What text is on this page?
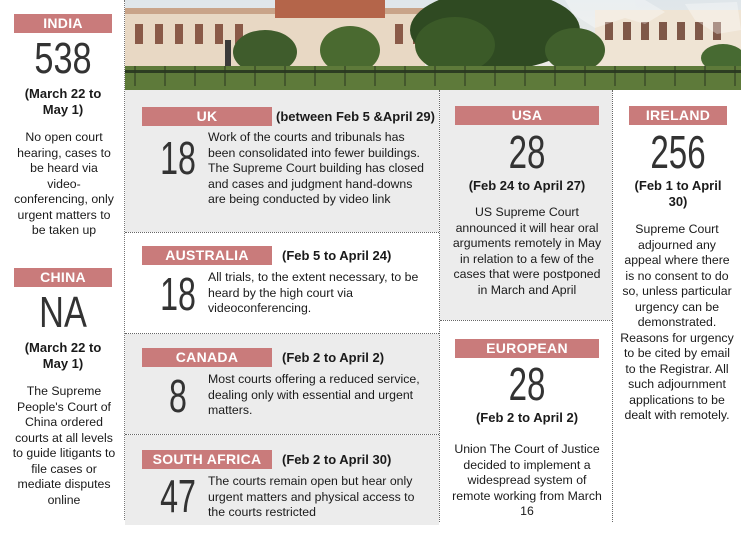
INDIA
538
(March 22 to May 1)
No open court hearing, cases to be heard via video-conferencing, only urgent matters to be taken up
CHINA
NA
(March 22 to May 1)
The Supreme People's Court of China ordered courts at all levels to guide litigants to file cases or mediate disputes online
UK	(between Feb 5 &April 29)
18 Work of the courts and tribunals has been consolidated into fewer buildings. The Supreme Court building has closed and cases and judgment hand-downs are being conducted by video link
AUSTRALIA	(Feb 5 to April 24)
18 All trials, to the extent necessary, to be heard by the high court via videoconferencing.
CANADA	(Feb 2 to April 2)
8	Most courts offering a reduced service, dealing only with essential and urgent matters.
SOUTH AFRICA	(Feb 2 to April 30)
47 The courts remain open but hear only urgent matters and physical access to the courts restricted
USA
28
(Feb 24 to April 27)
US Supreme Court announced it will hear oral arguments remotely in May in relation to a few of the cases that were postponed in March and April
EUROPEAN
28
(Feb 2 to April 2)
Union The Court of Justice decided to implement a widespread system of remote working from March 16
IRELAND
256
(Feb 1 to April 30)
Supreme Court adjourned any appeal where there is no consent to do so, unless particular urgency can be demonstrated. Reasons for urgency to be cited by email to the Registrar. All such adjournment applications to be dealt with remotely.
